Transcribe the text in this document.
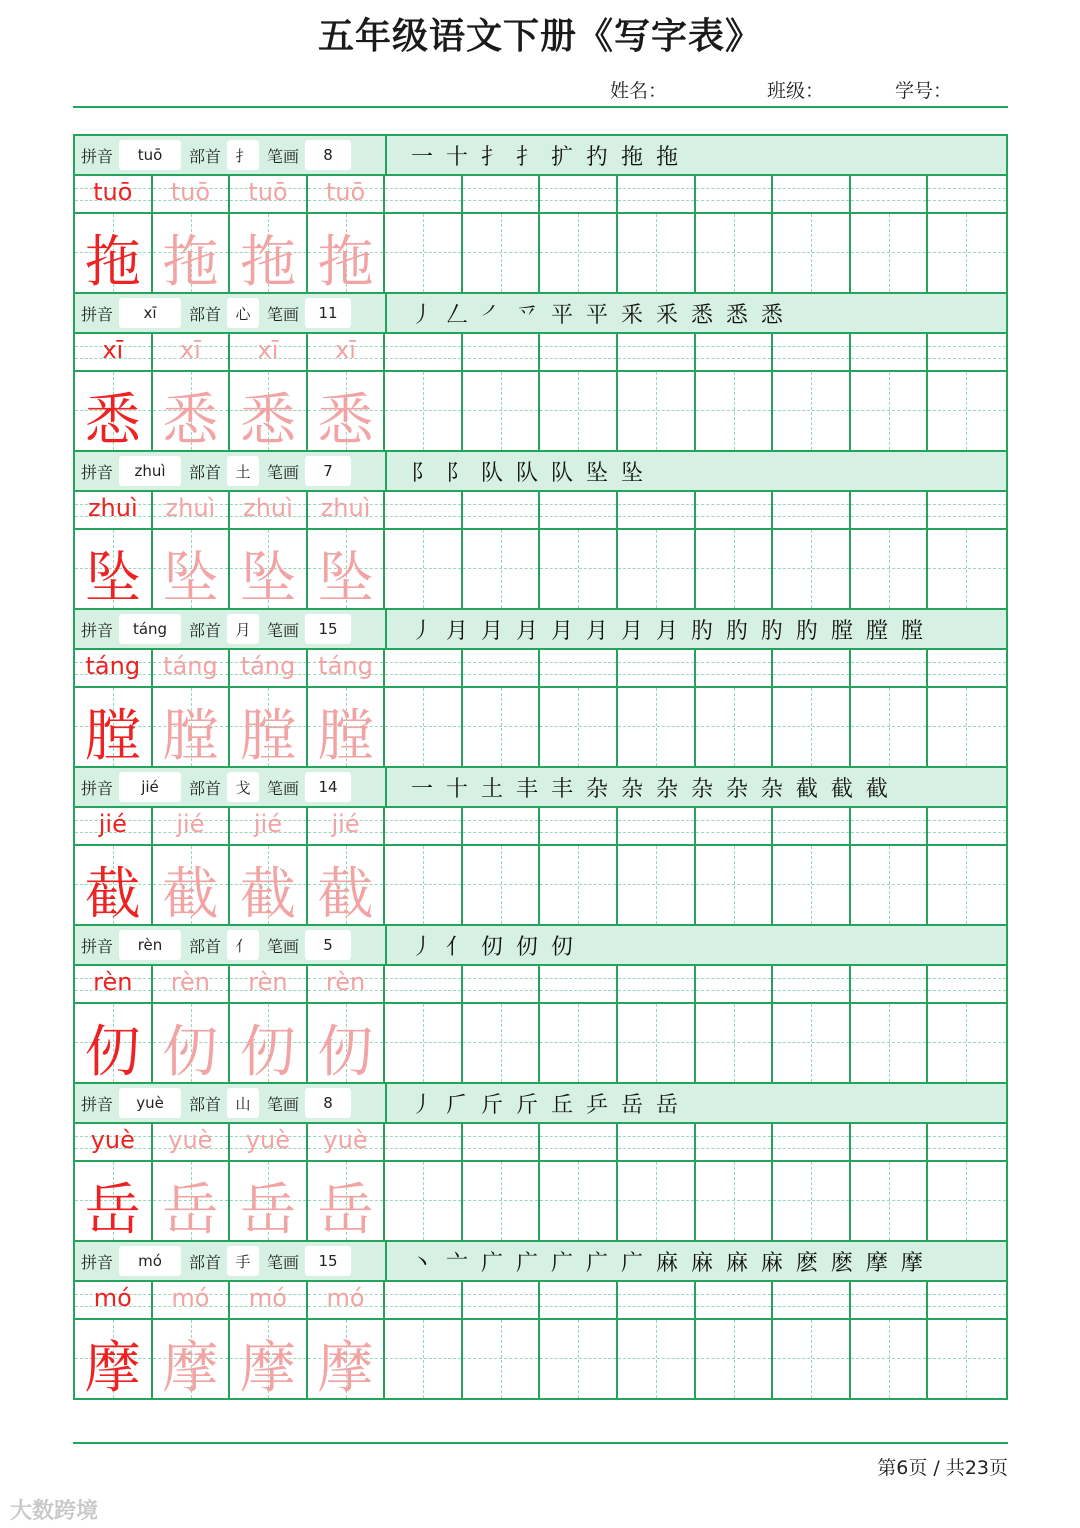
五年级语文下册《写字表》
姓名：	班级：	学号：
拼音	tuō	部首 扌	笔画	8	一 十 扌 扌 扩 扚 拖 拖
tuō
拖
tuō
拖
tuō
拖
tuō
拖
拼音	xī	部首 心	笔画	11	丿 𠃋 ㇒ 乊 平 平 釆 釆 悉 悉 悉
xī
悉
xī
悉
xī
悉
xī
悉
拼音	zhuì	部首 土	笔画	7	阝 阝 队 队 队 坠 坠
zhuì
坠
zhuì
坠
zhuì
坠
zhuì
坠
拼音	táng	部首 月	笔画	15	丿 月 月 月 月 月 月 月 肑 肑 肑 肑 膛 膛 膛
táng
膛
táng
膛
táng
膛
táng
膛
拼音	jié	部首 戈	笔画	14	一 十 土 丰 丰 杂 杂 杂 杂 杂 杂 截 截 截
jié
截
jié
截
jié
截
jié
截
拼音	rèn	部首 亻	笔画	5	丿 亻 仞 仞 仞
rèn
仞
rèn
仞
rèn
仞
rèn
仞
拼音	yuè	部首 山	笔画	8	丿 𠂆 斤 斤 丘 乒 岳 岳
yuè
岳
yuè
岳
yuè
岳
yuè
岳
拼音	mó	部首 手	笔画	15	丶 亠 广 广 广 广 广 麻 麻 麻 麻 麽 麽 摩 摩
mó
摩
mó
摩
mó
摩
mó
摩
第6页 / 共23页
大数跨境
